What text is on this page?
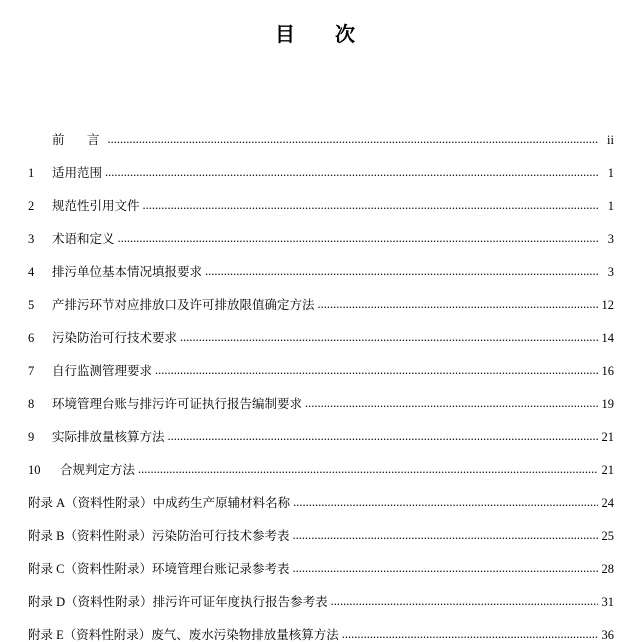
目　次
前　言 .....	ii
1	适用范围 .....	1
2	规范性引用文件 .....	1
3	术语和定义 .....	3
4	排污单位基本情况填报要求 .....	3
5	产排污环节对应排放口及许可排放限值确定方法 .....	12
6	污染防治可行技术要求 .....	14
7	自行监测管理要求 .....	16
8	环境管理台账与排污许可证执行报告编制要求 .....	19
9	实际排放量核算方法 .....	21
10	合规判定方法 .....	21
附录 A（资料性附录）中成药生产原辅材料名称 .....	24
附录 B（资料性附录）污染防治可行技术参考表 .....	25
附录 C（资料性附录）环境管理台账记录参考表 .....	28
附录 D（资料性附录）排污许可证年度执行报告参考表 .....	31
附录 E（资料性附录）废气、废水污染物排放量核算方法 .....	36
